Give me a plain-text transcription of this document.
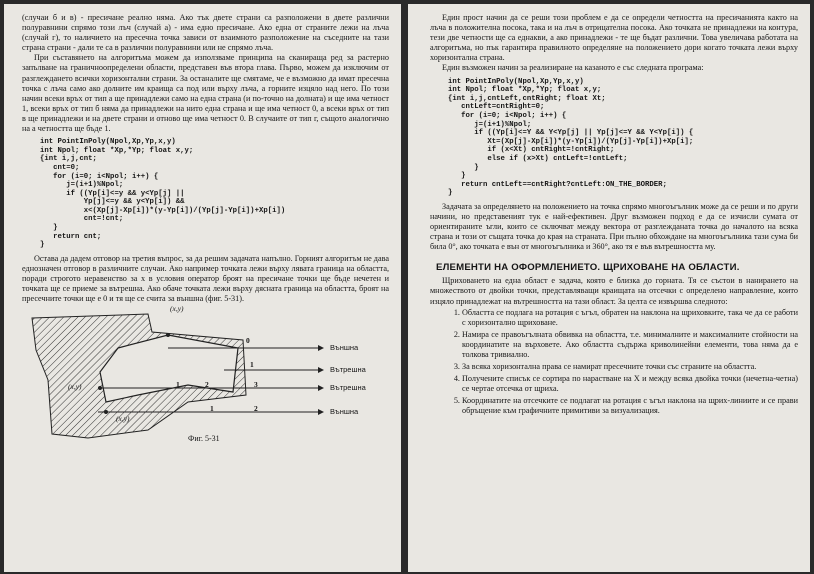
(случаи б и в) - пресичане реално няма. Ако тък двете страни са разположени в двете различни полуравнини спрямо този лъч (случай а) - има едно пресичане. Ако една от страните лежи на лъча (случай г), то наличието на пресечна точка зависи от взаимното разположение на съседните на тази страна страни - дали те са в различни полуравнини или не спрямо лъча.

При съставянето на алгоритъма можем да използваме принципа на сканираща ред за растерно запълване на граничноопределени области, представен във втора глава. Първо, можем да изключим от разглеждането всички хоризонтални страни. За останалите ще смятаме, че е възможно да имат пресечна точка с лъча само ако долните им краища са под или върху лъча, а горните изцяло над него. По този начин всеки връх от тип а ще принадлежи само на една страна (и по-точно на долната) и ще има четност 1, всеки връх от тип б няма да принадлежи на нито една страна и ще има четност 0, а всеки връх от тип в ще принадлежи и на двете страни и отново ще има четност 0. В случаите от тип г, същото аналогично на а четността ще бъде 1.

int PointInPoly(Npol,Xp,Yp,x,y)
int Npol; float *Xp,*Yp; float x,y;
{int i,j,cnt;
cnt=0;
for (i=0; i<Npol; i++) {
j=(i+1)%Npol;
if ((Yp[i]<=y && y<Yp[j] ||
Yp[j]<=y && y<Yp[i]) &&
x<(Xp[j]-Xp[i])*(y-Yp[i])/(Yp[j]-Yp[i])+Xp[i])
cnt=!cnt;
}
return cnt;
}

Остава да дадем отговор на третия въпрос, за да решим задачата напълно. Горният алгоритъм не дава еднозначен отговор в различните случаи. Ако например точката лежи върху лявата граница на областта, поради строгото неравенство за x в условия оператор броят на пресичане точки ще бъде нечетен и точката ще се приеме за вътрешна. Ако обаче точката лежи върху дясната граница на областта, броят на пресечните точки ще е 0 и тя ще се счита за външна (фиг. 5-31).

(x,y)
(x,y)
(x,y)
0
1
1	2	3
1	2
Външна
Вътрешна
Вътрешна
Външна
Фиг. 5-31

Един прост начин да се реши този проблем е да се определи четността на пресичанията както на лъча в положителна посока, така и на лъч в отрицателна посока. Ако точката не принадлежи на контура, тези две четности ще са еднакви, а ако принадлежи - те ще бъдат различни. Това увеличава работата на алгоритъма, но пък гарантира правилното определяне на положението дори когато точката лежи върху хоризонтална страна.

Един възможен начин за реализиране на казаното е със следната програма:

int PointInPoly(Npol,Xp,Yp,x,y)
int Npol; float *Xp,*Yp; float x,y;
{int i,j,cntLeft,cntRight; float Xt;
cntLeft=cntRight=0;
for (i=0; i<Npol; i++) {
j=(i+1)%Npol;
if ((Yp[i]<=Y && Y<Yp[j] || Yp[j]<=Y && Y<Yp[i]) {
Xt=(Xp[j]-Xp[i])*(y-Yp[i])/(Yp[j]-Yp[i])+Xp[i];
if (x<Xt) cntRight=!cntRight;
else if (x>Xt) cntLeft=!cntLeft;
}
}
return cntLeft==cntRight?cntLeft:ON_THE_BORDER;
}

Задачата за определянето на положението на точка спрямо многоъгълник може да се реши и по други начини, но представеният тук е най-ефективен. Друг възможен подход е да се изчисли сумата от ориентираните ъгли, които се сключват между вектора от разглежданата точка до началото на всяка страна и този от същата точка до края на страната. При пълно обхождане на многоъгълника тази сума би била 0°, ако точката е вън от многоъгълника и 360°, ако тя е във вътрешността му.

ЕЛЕМЕНТИ НА ОФОРМЛЕНИЕТО. ЩРИХОВАНЕ НА ОБЛАСТИ.

Щриховането на една област е задача, която е близка до горната. Тя се състои в нанирането на множеството от двойки точки, представляващи краищата на отсечки с определено направление, които изцяло принадлежат на вътрешността на тази област. За целта се извършва следното:

1. Областта се подлага на ротация с ъгъл, обратен на наклона на щриховките, така че да се работи с хоризонтално щриховане.
2. Намира се правоъгълната обвивка на областта, т.е. минималните и максималните стойности на координатите на върховете. Ако областта съдържа криволинейни елементи, това няма да е толкова тривиално.
3. За всяка хоризонтална права се намират пресечните точки със страните на областта.
4. Получените списък се сортира по нарастване на X и между всяка двойка точки (нечетна-четна) се чертае отсечка от щриха.
5. Координатите на отсечките се подлагат на ротация с ъгъл наклона на щрих-линиите и се прави обръщение към графичните примитиви за визуализация.
